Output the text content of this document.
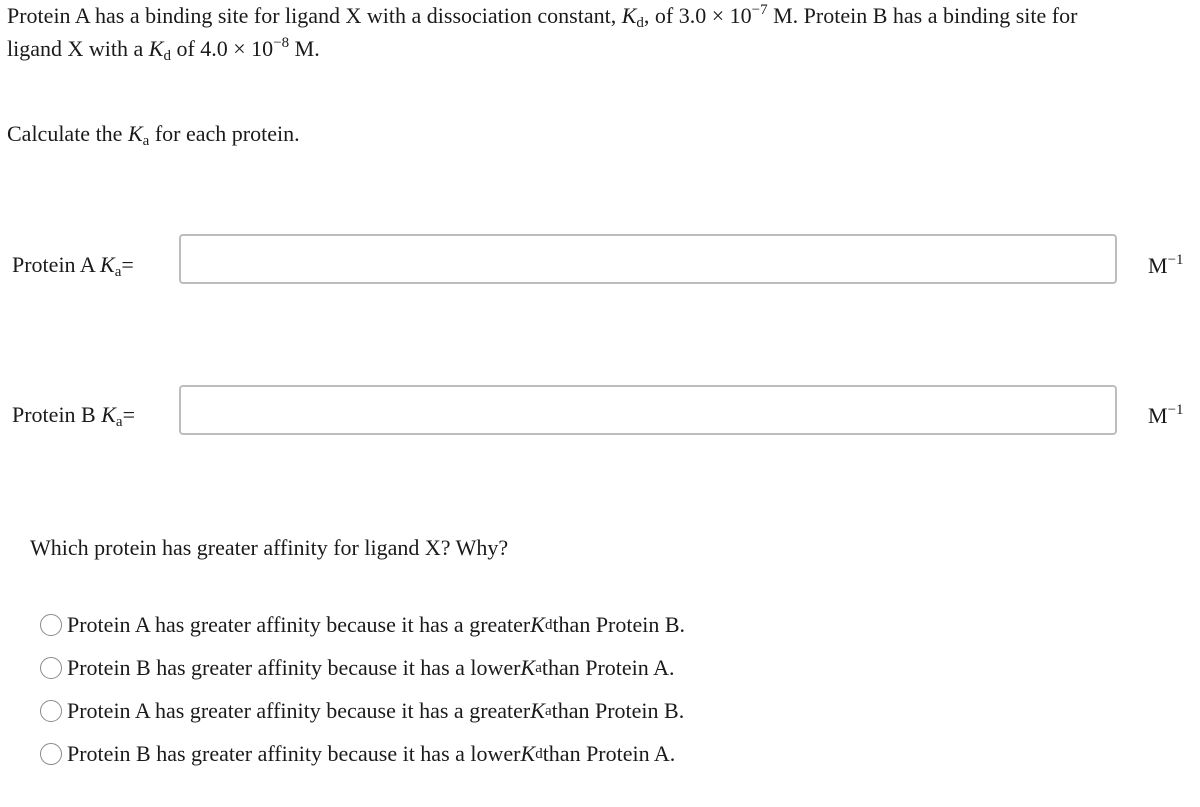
Protein A has a binding site for ligand X with a dissociation constant, $K_d$, of $3.0 \times 10^{-7}$ M. Protein B has a binding site for
ligand X with a $K_d$ of $4.0 \times 10^{-8}$ M.
Calculate the $K_a$ for each protein.
Protein A $K_a=$	$M^{-1}$
Protein B $K_a=$	$M^{-1}$
Which protein has greater affinity for ligand X? Why?
Protein A has greater affinity because it has a greater K d than Protein B.
Protein B has greater affinity because it has a lower K a than Protein A.
Protein A has greater affinity because it has a greater K a than Protein B.
Protein B has greater affinity because it has a lower K d than Protein A.
